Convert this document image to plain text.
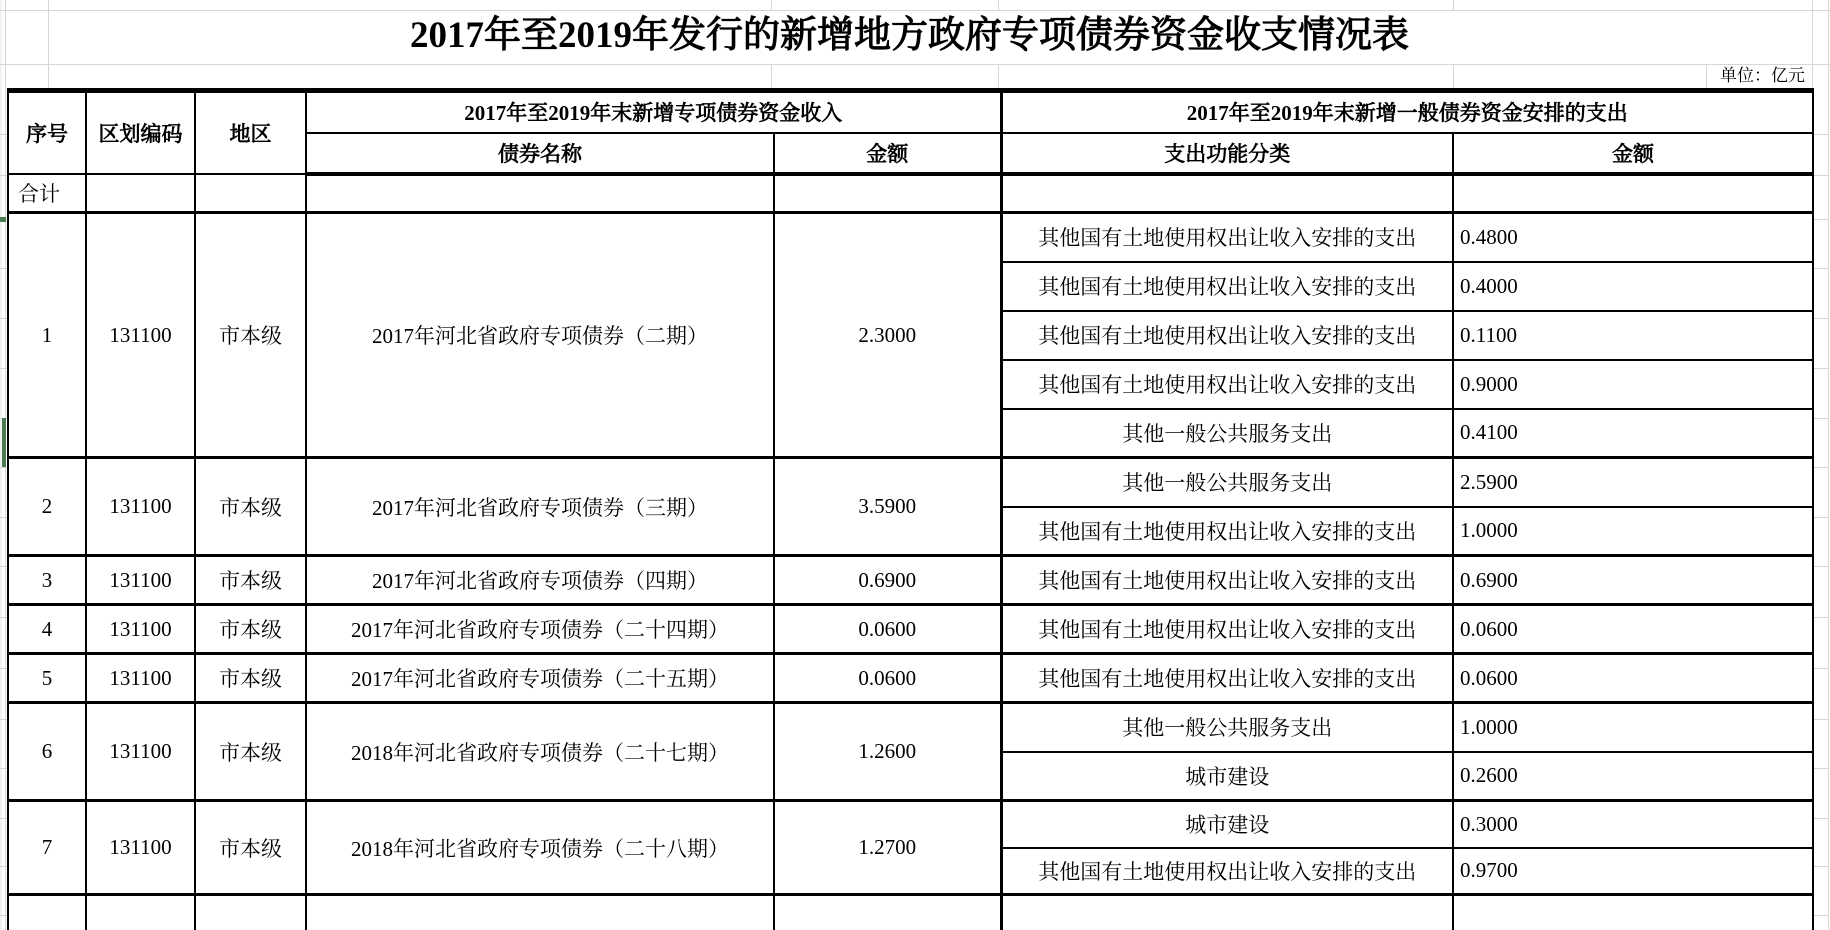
2017年至2019年发行的新增地方政府专项债券资金收支情况表
单位：亿元
序号	区划编码	地区	2017年至2019年末新增专项债券资金收入		2017年至2019年末新增一般债券资金安排的支出	
			债券名称	金额	支出功能分类	金额
合计						
1	131100	市本级	2017年河北省政府专项债券（二期）	2.3000	其他国有土地使用权出让收入安排的支出	0.4800
					其他国有土地使用权出让收入安排的支出	0.4000
					其他国有土地使用权出让收入安排的支出	0.1100
					其他国有土地使用权出让收入安排的支出	0.9000
					其他一般公共服务支出	0.4100
2	131100	市本级	2017年河北省政府专项债券（三期）	3.5900	其他一般公共服务支出	2.5900
					其他国有土地使用权出让收入安排的支出	1.0000
3	131100	市本级	2017年河北省政府专项债券（四期）	0.6900	其他国有土地使用权出让收入安排的支出	0.6900
4	131100	市本级	2017年河北省政府专项债券（二十四期）	0.0600	其他国有土地使用权出让收入安排的支出	0.0600
5	131100	市本级	2017年河北省政府专项债券（二十五期）	0.0600	其他国有土地使用权出让收入安排的支出	0.0600
6	131100	市本级	2018年河北省政府专项债券（二十七期）	1.2600	其他一般公共服务支出	1.0000
					城市建设	0.2600
7	131100	市本级	2018年河北省政府专项债券（二十八期）	1.2700	城市建设	0.3000
					其他国有土地使用权出让收入安排的支出	0.9700
